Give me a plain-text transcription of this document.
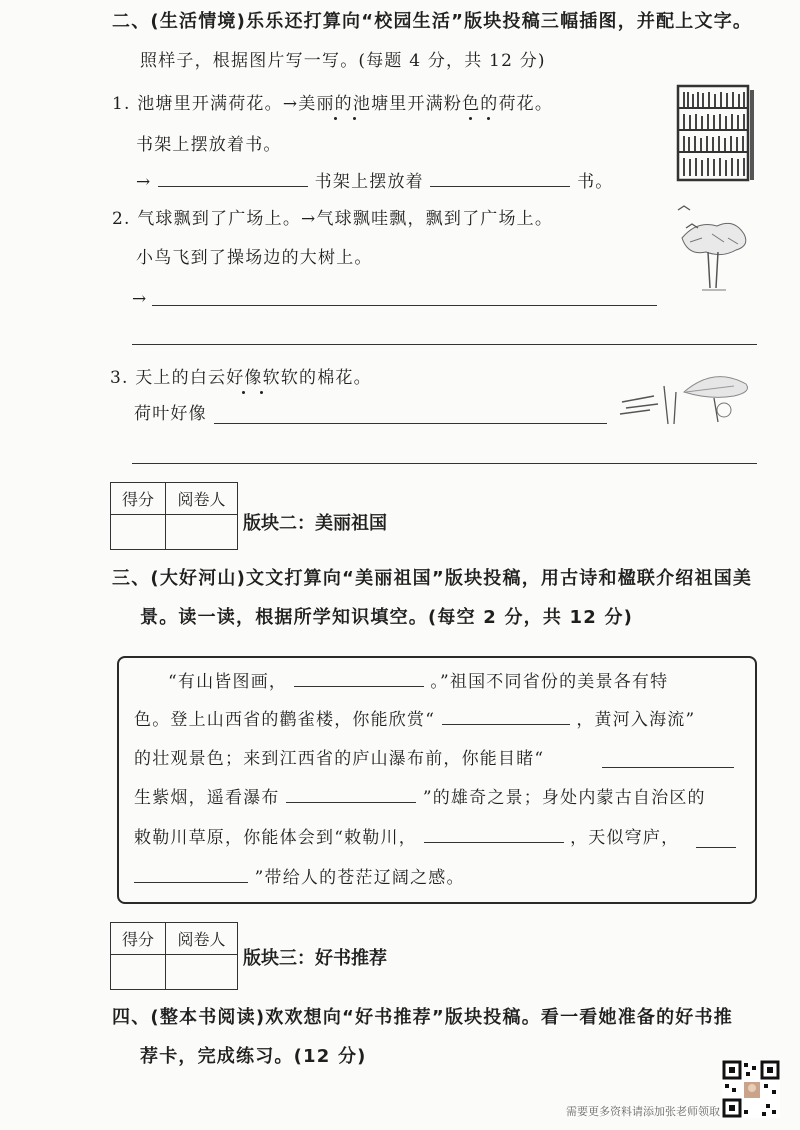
二、(生活情境)乐乐还打算向“校园生活”版块投稿三幅插图，并配上文字。
照样子，根据图片写一写。(每题 4 分，共 12 分)
1. 池塘里开满荷花。→美丽的池塘里开满粉色的荷花。
书架上摆放着书。
→	书架上摆放着	书。
2. 气球飘到了广场上。→气球飘哇飘，飘到了广场上。
小鸟飞到了操场边的大树上。
→
3. 天上的白云好像软软的棉花。
荷叶好像
得分	阅卷人
版块二：美丽祖国
三、(大好河山)文文打算向“美丽祖国”版块投稿，用古诗和楹联介绍祖国美
景。读一读，根据所学知识填空。(每空 2 分，共 12 分)
“有山皆图画，	。”祖国不同省份的美景各有特
色。登上山西省的鹳雀楼，你能欣赏“	，黄河入海流”
的壮观景色；来到江西省的庐山瀑布前，你能目睹“
生紫烟，遥看瀑布	”的雄奇之景；身处内蒙古自治区的
敕勒川草原，你能体会到“敕勒川，	，天似穹庐，
”带给人的苍茫辽阔之感。
得分	阅卷人
版块三：好书推荐
四、(整本书阅读)欢欢想向“好书推荐”版块投稿。看一看她准备的好书推
荐卡，完成练习。(12 分)
需要更多资料请添加张老师领取
